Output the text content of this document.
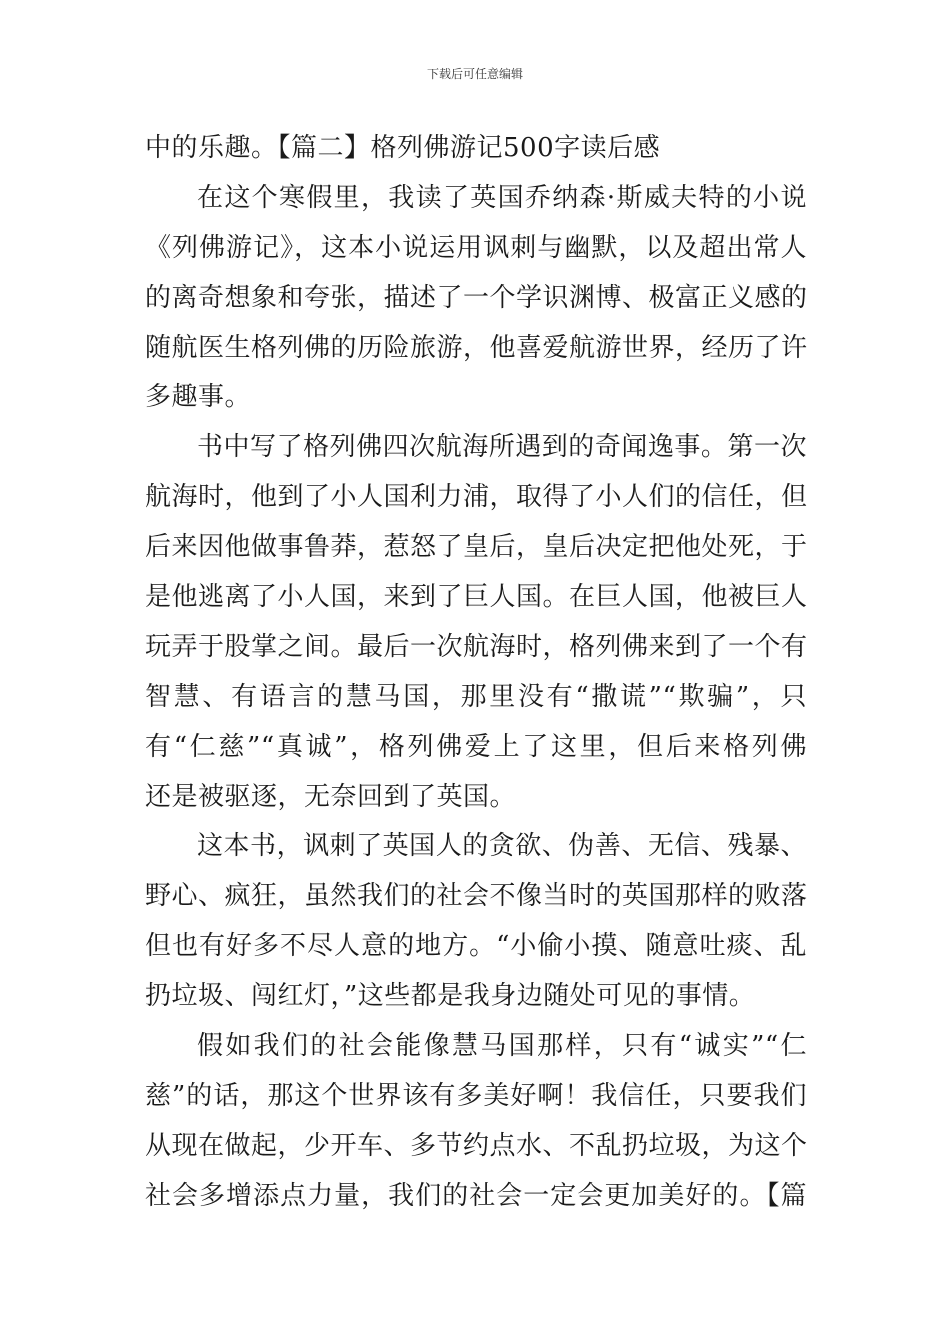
下载后可任意编辑
中的乐趣。【篇二】格列佛游记500字读后感
在这个寒假里，我读了英国乔纳森·斯威夫特的小说
《列佛游记》，这本小说运用讽刺与幽默，以及超出常人
的离奇想象和夸张，描述了一个学识渊博、极富正义感的
随航医生格列佛的历险旅游，他喜爱航游世界，经历了许
多趣事。
书中写了格列佛四次航海所遇到的奇闻逸事。第一次
航海时，他到了小人国利力浦，取得了小人们的信任，但
后来因他做事鲁莽，惹怒了皇后，皇后决定把他处死，于
是他逃离了小人国，来到了巨人国。在巨人国，他被巨人
玩弄于股掌之间。最后一次航海时，格列佛来到了一个有
智慧、有语言的慧马国，那里没有“撒谎”“欺骗”，只
有“仁慈”“真诚”，格列佛爱上了这里，但后来格列佛
还是被驱逐，无奈回到了英国。
这本书，讽刺了英国人的贪欲、伪善、无信、残暴、
野心、疯狂，虽然我们的社会不像当时的英国那样的败落
但也有好多不尽人意的地方。“小偷小摸、随意吐痰、乱
扔垃圾、闯红灯，”这些都是我身边随处可见的事情。
假如我们的社会能像慧马国那样，只有“诚实”“仁
慈”的话，那这个世界该有多美好啊！我信任，只要我们
从现在做起，少开车、多节约点水、不乱扔垃圾，为这个
社会多增添点力量，我们的社会一定会更加美好的。【篇
